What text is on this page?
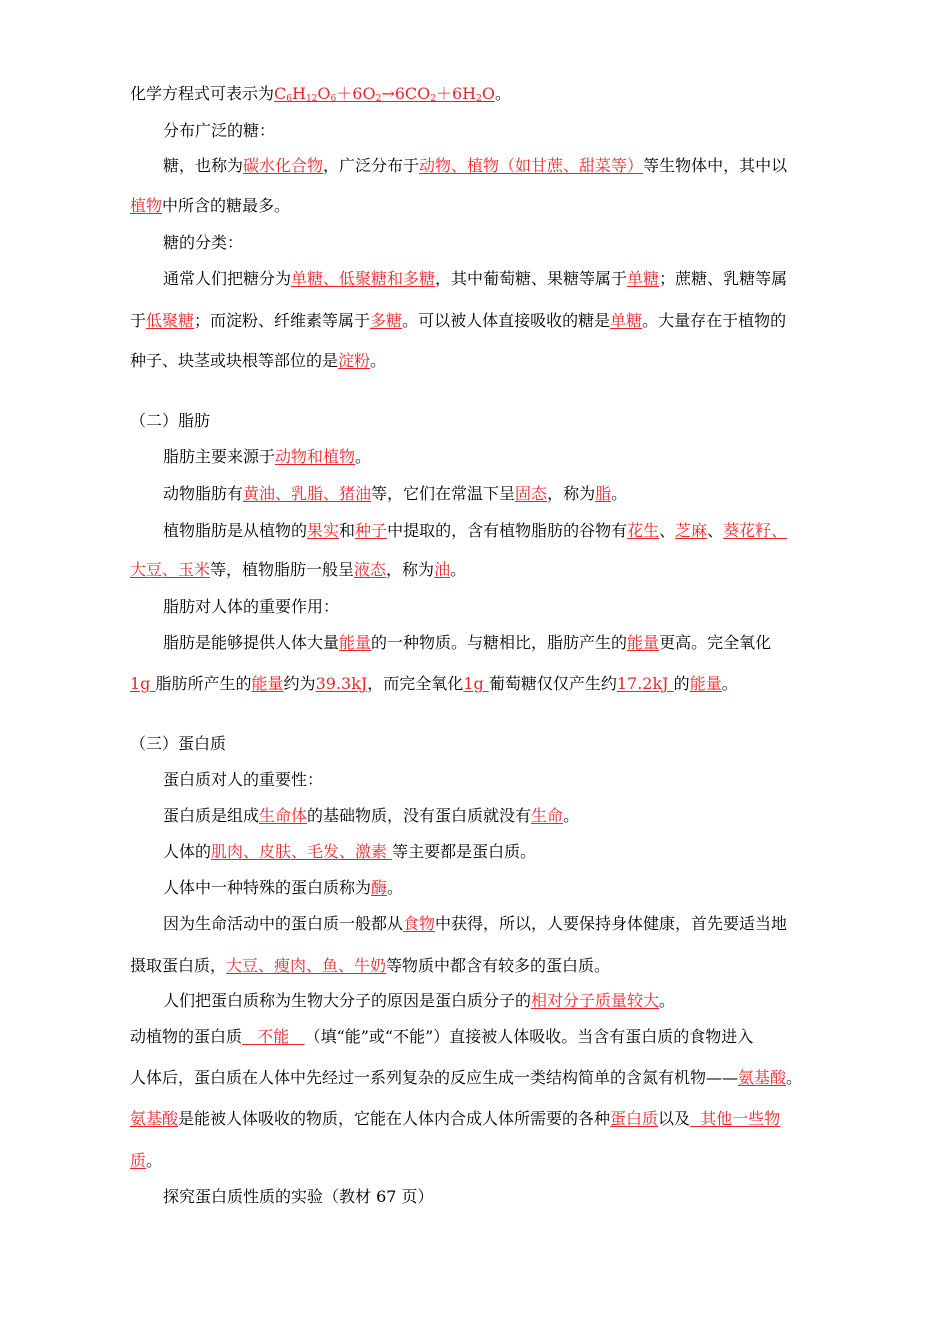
化学方程式可表示为$C_6H_{12}O_6+6O_2\to 6CO_2+6H_2O$。
分布广泛的糖：
糖，也称为碳水化合物，广泛分布于动物、植物（如甘蔗、甜菜等）等生物体中，其中以
植物中所含的糖最多。
糖的分类：
通常人们把糖分为单糖、低聚糖和多糖，其中葡萄糖、果糖等属于单糖；蔗糖、乳糖等属
于低聚糖；而淀粉、纤维素等属于多糖。可以被人体直接吸收的糖是单糖。大量存在于植物的
种子、块茎或块根等部位的是淀粉。
（二）脂肪
脂肪主要来源于动物和植物。
动物脂肪有黄油、乳脂、猪油等，它们在常温下呈固态，称为脂。
植物脂肪是从植物的果实和种子中提取的，含有植物脂肪的谷物有花生、芝麻、葵花籽、
大豆、玉米等，植物脂肪一般呈液态，称为油。
脂肪对人体的重要作用：
脂肪是能够提供人体大量能量的一种物质。与糖相比，脂肪产生的能量更高。完全氧化
1g 脂肪所产生的能量约为39.3kJ，而完全氧化1g 葡萄糖仅仅产生约17.2kJ 的能量。
（三）蛋白质
蛋白质对人的重要性：
蛋白质是组成生命体的基础物质，没有蛋白质就没有生命。
人体的肌肉、皮肤、毛发、激素 等主要都是蛋白质。
人体中一种特殊的蛋白质称为酶。
因为生命活动中的蛋白质一般都从食物中获得，所以，人要保持身体健康，首先要适当地
摄取蛋白质，大豆、瘦肉、鱼、牛奶等物质中都含有较多的蛋白质。
人们把蛋白质称为生物大分子的原因是蛋白质分子的相对分子质量较大。
动植物的蛋白质 不能 （填“能”或“不能”）直接被人体吸收。当含有蛋白质的食物进入
人体后，蛋白质在人体中先经过一系列复杂的反应生成一类结构简单的含氮有机物——氨基酸。
氨基酸是能被人体吸收的物质，它能在人体内合成人体所需要的各种蛋白质以及 其他一些物
质。
探究蛋白质性质的实验（教材 67 页）
